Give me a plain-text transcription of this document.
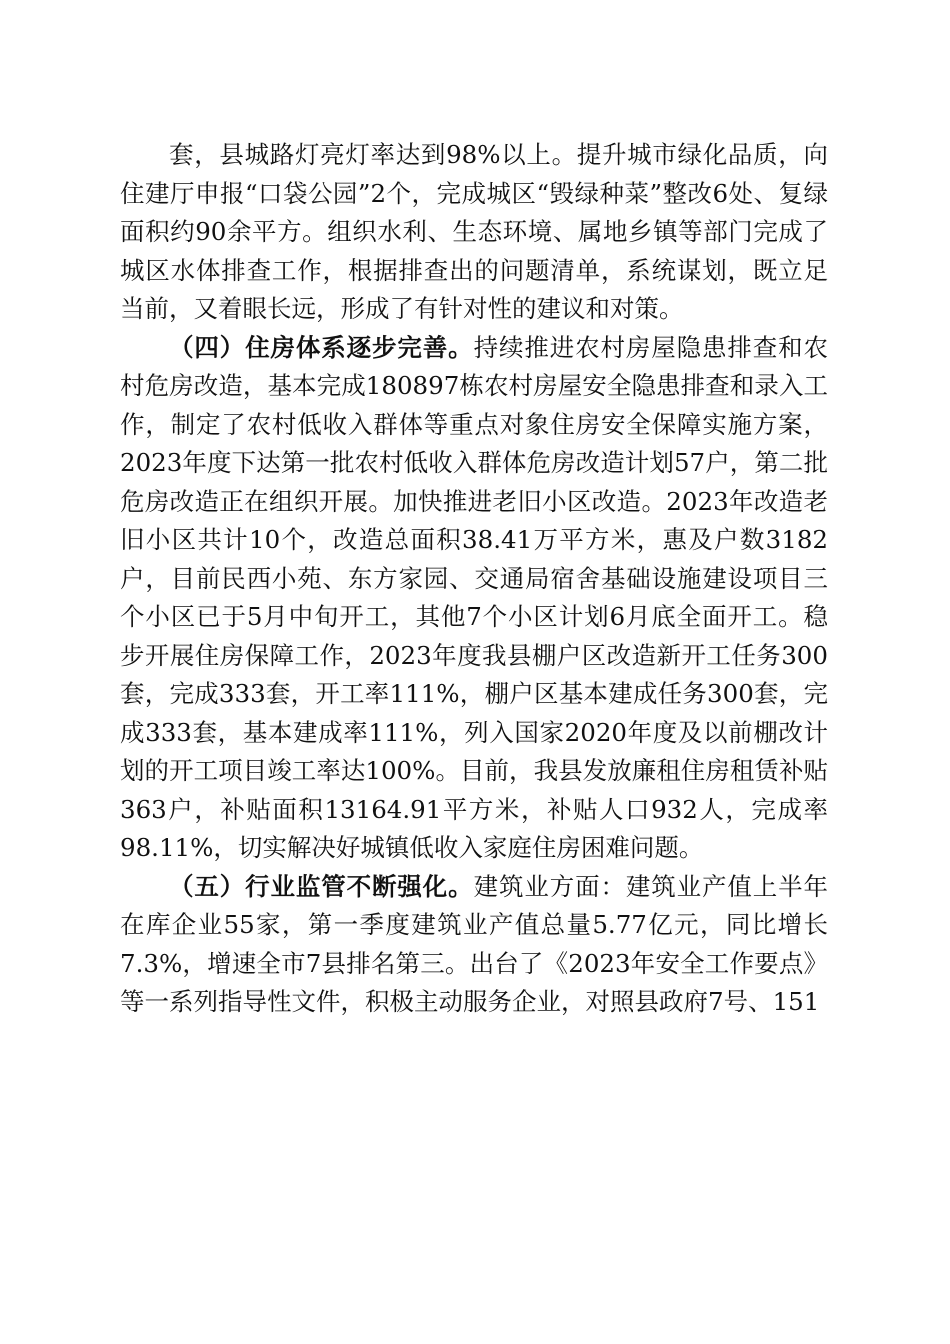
套，县城路灯亮灯率达到98%以上。提升城市绿化品质，向住建厅申报“口袋公园”2个，完成城区“毁绿种菜”整改6处、复绿面积约90余平方。组织水利、生态环境、属地乡镇等部门完成了城区水体排查工作，根据排查出的问题清单，系统谋划，既立足当前，又着眼长远，形成了有针对性的建议和对策。

（四）住房体系逐步完善。持续推进农村房屋隐患排查和农村危房改造，基本完成180897栋农村房屋安全隐患排查和录入工作，制定了农村低收入群体等重点对象住房安全保障实施方案，2023年度下达第一批农村低收入群体危房改造计划57户，第二批危房改造正在组织开展。加快推进老旧小区改造。2023年改造老旧小区共计10个，改造总面积38.41万平方米，惠及户数3182户，目前民西小苑、东方家园、交通局宿舍基础设施建设项目三个小区已于5月中旬开工，其他7个小区计划6月底全面开工。稳步开展住房保障工作，2023年度我县棚户区改造新开工任务300套，完成333套，开工率111%，棚户区基本建成任务300套，完成333套，基本建成率111%，列入国家2020年度及以前棚改计划的开工项目竣工率达100%。目前，我县发放廉租住房租赁补贴363户，补贴面积13164.91平方米，补贴人口932人，完成率98.11%，切实解决好城镇低收入家庭住房困难问题。

（五）行业监管不断强化。建筑业方面：建筑业产值上半年在库企业55家，第一季度建筑业产值总量5.77亿元，同比增长7.3%，增速全市7县排名第三。出台了《2023年安全工作要点》等一系列指导性文件，积极主动服务企业，对照县政府7号、151
